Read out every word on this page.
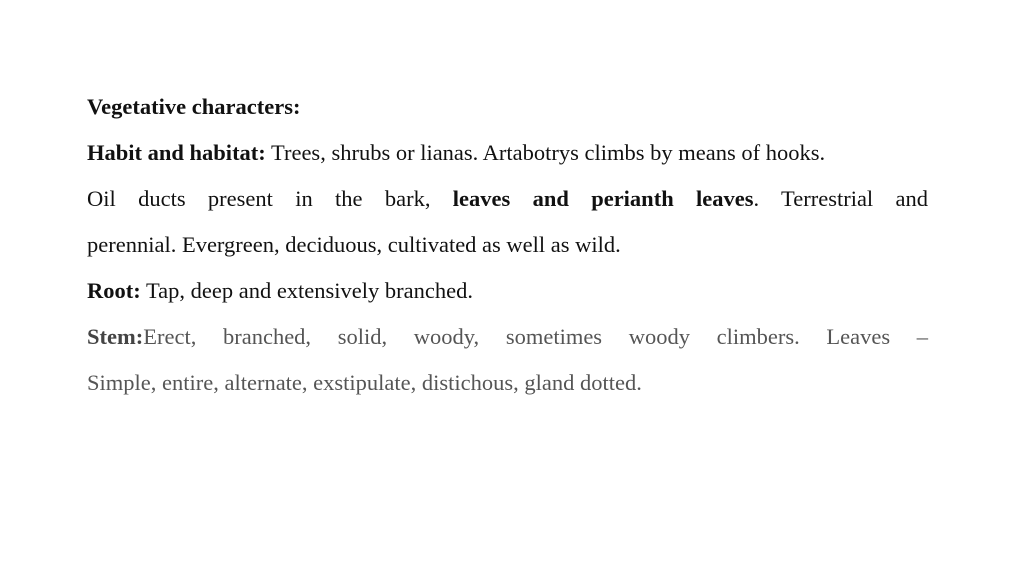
Vegetative characters:

Habit and habitat: Trees, shrubs or lianas. Artabotrys climbs by means of hooks.

Oil ducts present in the bark, leaves and perianth leaves. Terrestrial and

perennial. Evergreen, deciduous, cultivated as well as wild.

Root: Tap, deep and extensively branched.

Stem:Erect, branched, solid, woody, sometimes woody climbers. Leaves –

Simple, entire, alternate, exstipulate, distichous, gland dotted.
